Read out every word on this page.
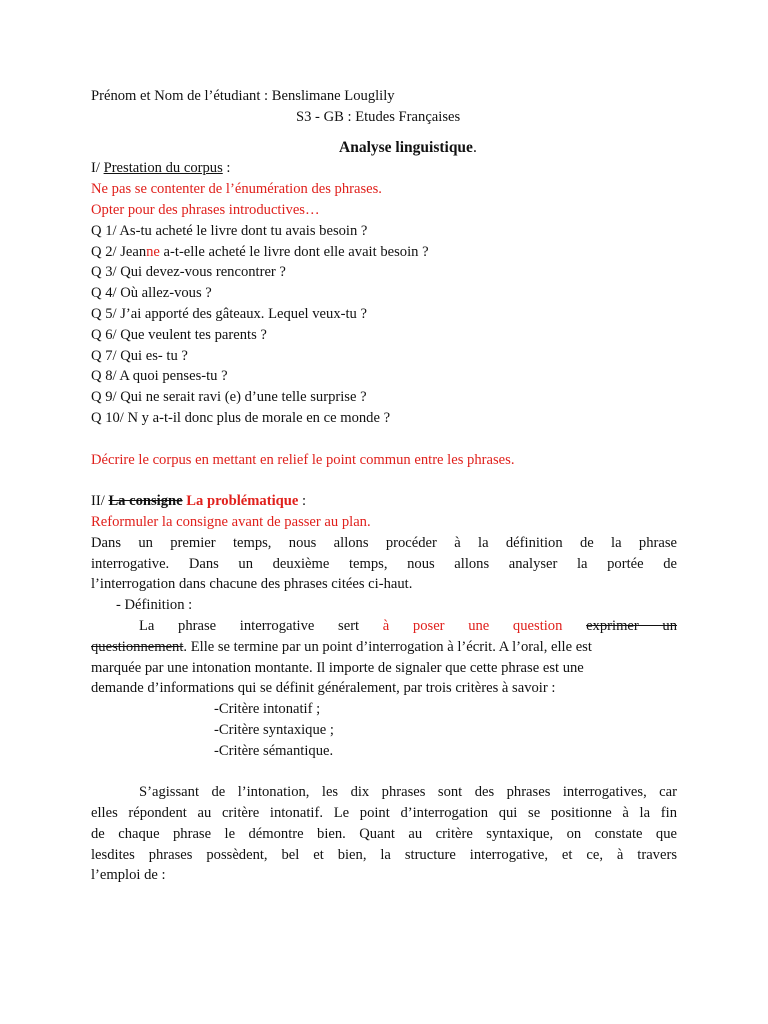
Prénom et Nom de l’étudiant : Benslimane Louglily
S3 - GB : Etudes Françaises
Analyse linguistique.
I/ Prestation du corpus :
Ne pas se contenter de l’énumération des phrases.
Opter pour des phrases introductives…
Q 1/ As-tu acheté le livre dont tu avais besoin ?
Q 2/ Jeanne a-t-elle acheté le livre dont elle avait besoin ?
Q 3/ Qui devez-vous rencontrer ?
Q 4/ Où allez-vous ?
Q 5/ J’ai apporté des gâteaux. Lequel veux-tu ?
Q 6/ Que veulent tes parents ?
Q 7/ Qui es- tu ?
Q 8/ A quoi penses-tu ?
Q 9/ Qui ne serait ravi (e) d’une telle surprise ?
Q 10/ N y a-t-il donc plus de morale en ce monde ?
Décrire le corpus en mettant en relief le point commun entre les phrases.
II/ La consigne La problématique :
Reformuler la consigne avant de passer au plan.
Dans un premier temps, nous allons procéder à la définition de la phrase
interrogative. Dans un deuxième temps, nous allons analyser la portée de
l’interrogation dans chacune des phrases citées ci-haut.
- Définition :
La phrase interrogative sert à poser une question exprimer un
questionnement. Elle se termine par un point d’interrogation à l’écrit. A l’oral, elle est
marquée par une intonation montante. Il importe de signaler que cette phrase est une
demande d’informations qui se définit généralement, par trois critères à savoir :
-Critère intonatif ;
-Critère syntaxique ;
-Critère sémantique.
S’agissant de l’intonation, les dix phrases sont des phrases interrogatives, car
elles répondent au critère intonatif. Le point d’interrogation qui se positionne à la fin
de chaque phrase le démontre bien. Quant au critère syntaxique, on constate que
lesdites phrases possèdent, bel et bien, la structure interrogative, et ce, à travers
l’emploi de :
